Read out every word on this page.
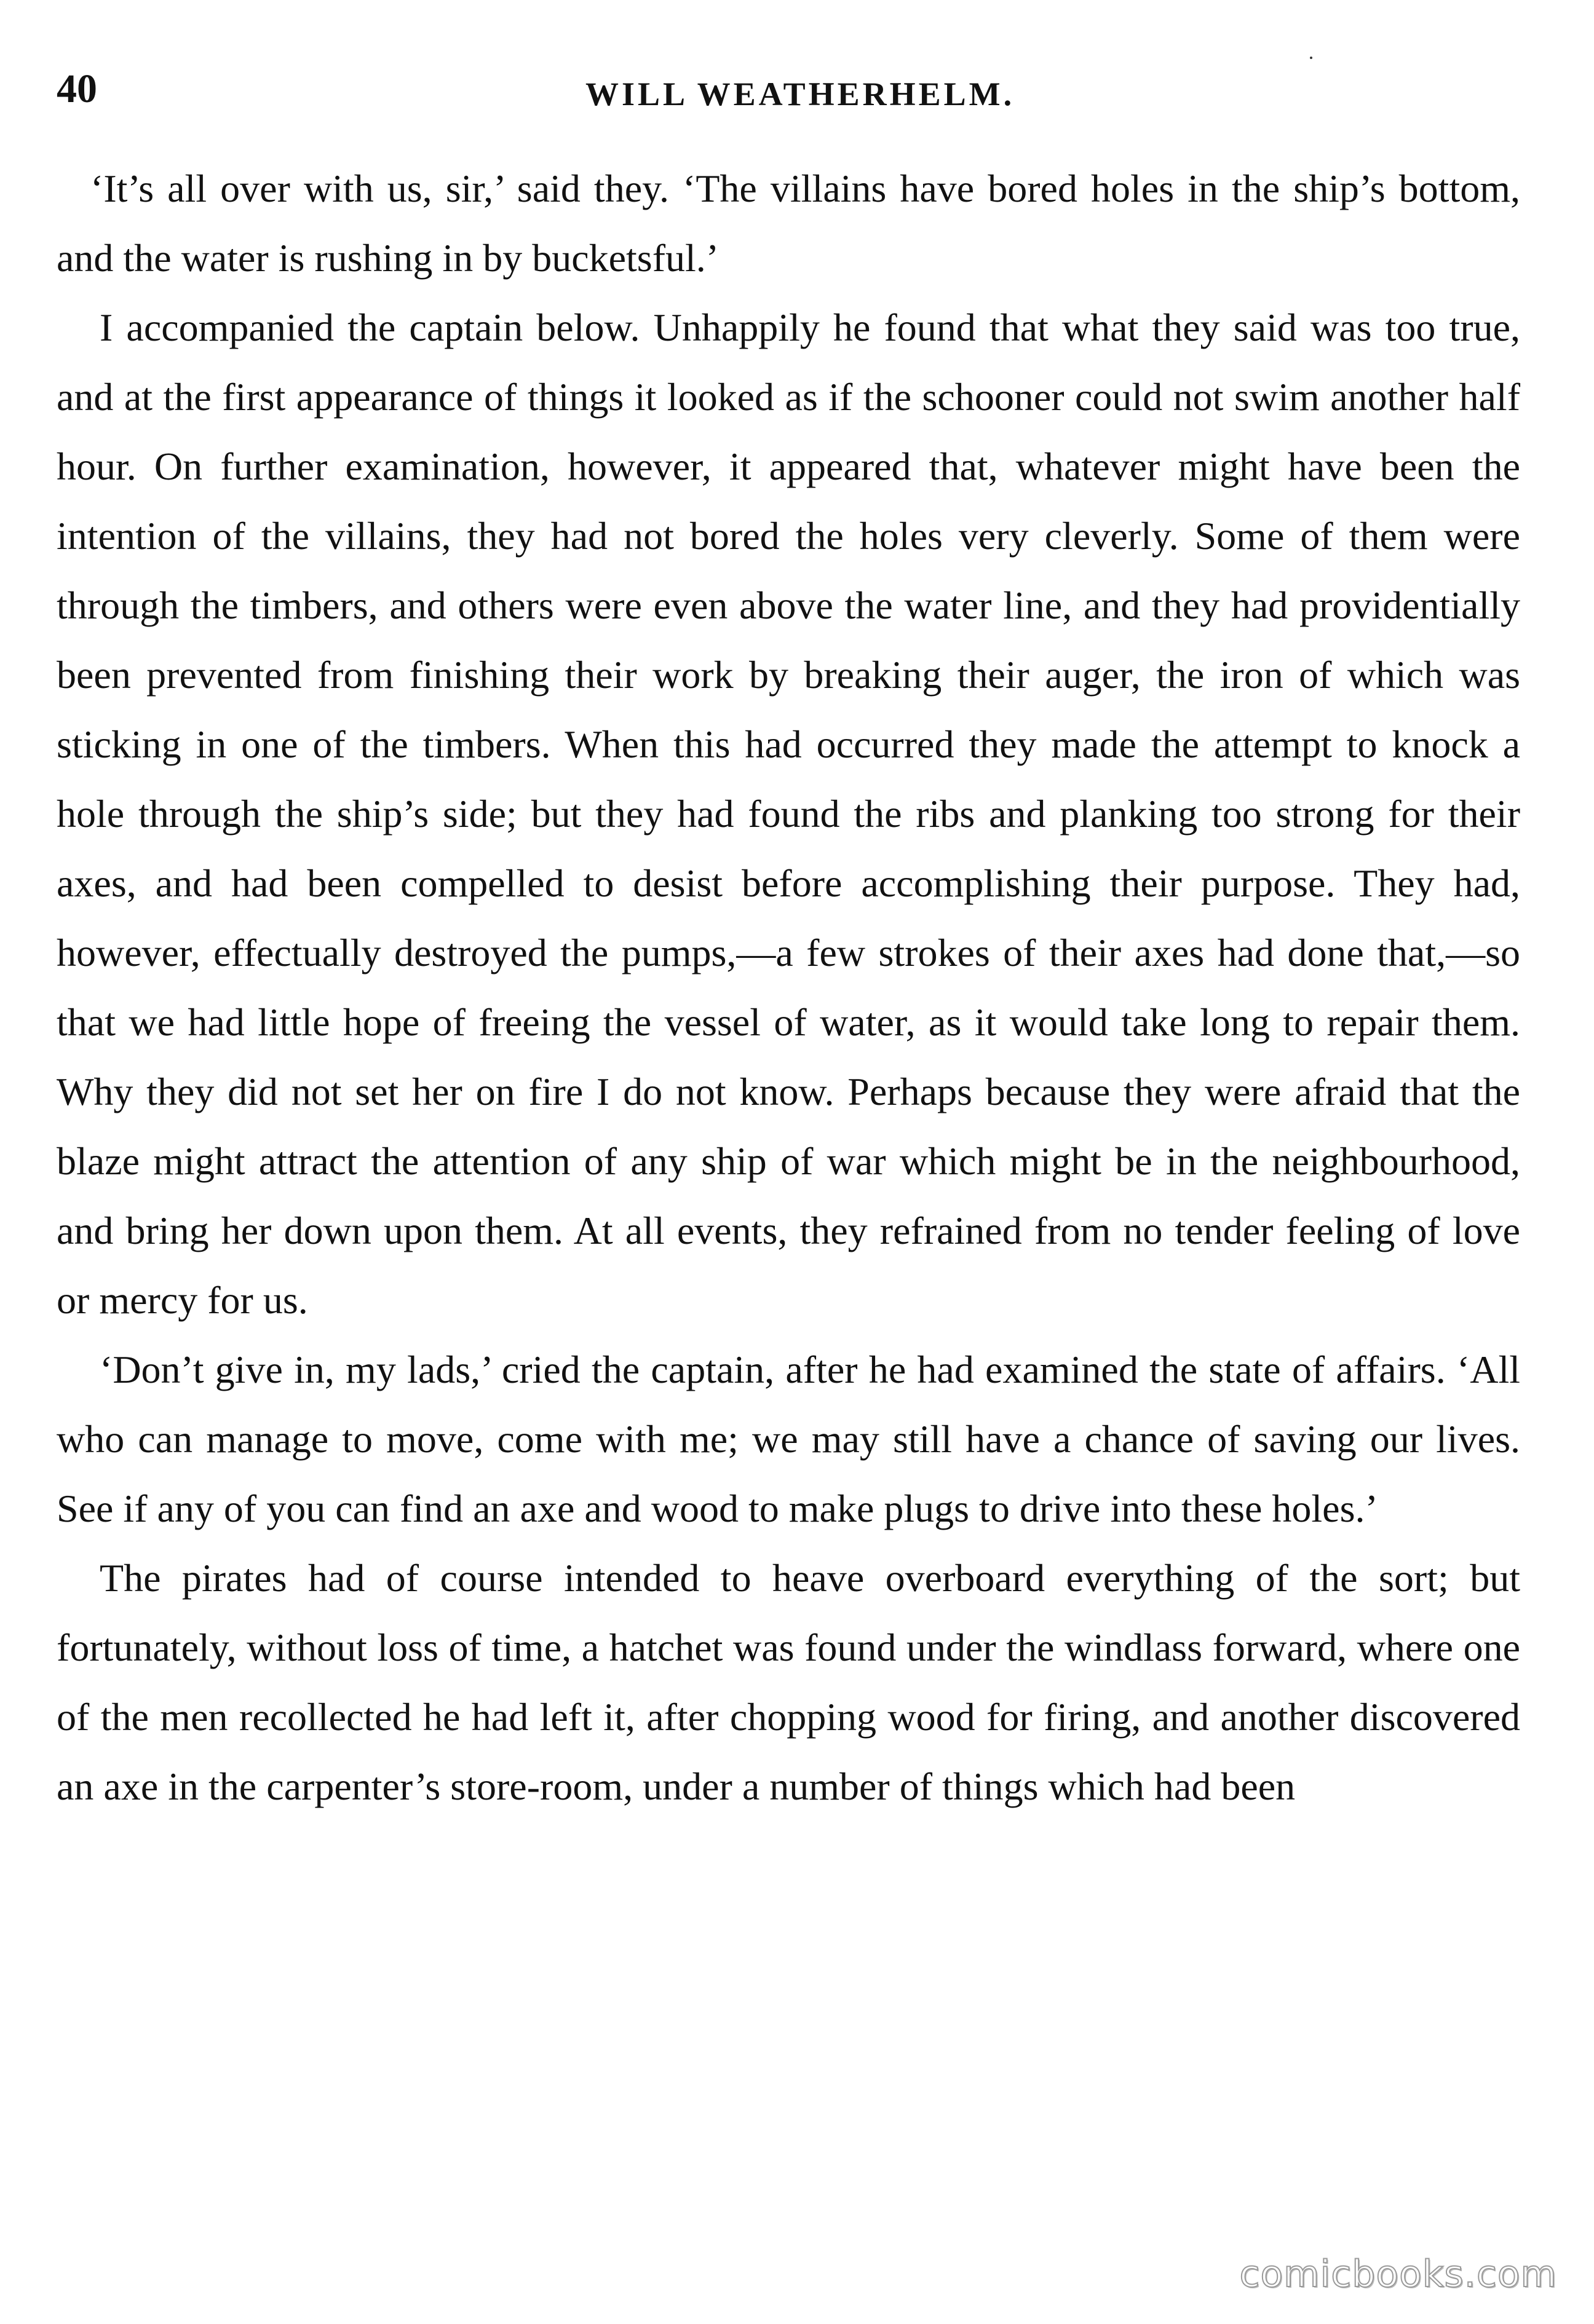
40	WILL WEATHERHELM.

‘It’s all over with us, sir,’ said they. ‘The villains have bored holes in the ship’s bottom, and the water is rushing in by bucketsful.’

I accompanied the captain below. Unhappily he found that what they said was too true, and at the first appearance of things it looked as if the schooner could not swim another half hour. On further examination, however, it appeared that, whatever might have been the intention of the villains, they had not bored the holes very cleverly. Some of them were through the timbers, and others were even above the water line, and they had providentially been prevented from finishing their work by breaking their auger, the iron of which was sticking in one of the timbers. When this had occurred they made the attempt to knock a hole through the ship’s side; but they had found the ribs and planking too strong for their axes, and had been compelled to desist before accomplishing their purpose. They had, however, effectually destroyed the pumps,—a few strokes of their axes had done that,—so that we had little hope of freeing the vessel of water, as it would take long to repair them. Why they did not set her on fire I do not know. Perhaps because they were afraid that the blaze might attract the attention of any ship of war which might be in the neighbourhood, and bring her down upon them. At all events, they refrained from no tender feeling of love or mercy for us.

‘Don’t give in, my lads,’ cried the captain, after he had examined the state of affairs. ‘All who can manage to move, come with me; we may still have a chance of saving our lives. See if any of you can find an axe and wood to make plugs to drive into these holes.’

The pirates had of course intended to heave overboard everything of the sort; but fortunately, without loss of time, a hatchet was found under the windlass forward, where one of the men recollected he had left it, after chopping wood for firing, and another discovered an axe in the carpenter’s store-room, under a number of things which had been

comicbooks.com
